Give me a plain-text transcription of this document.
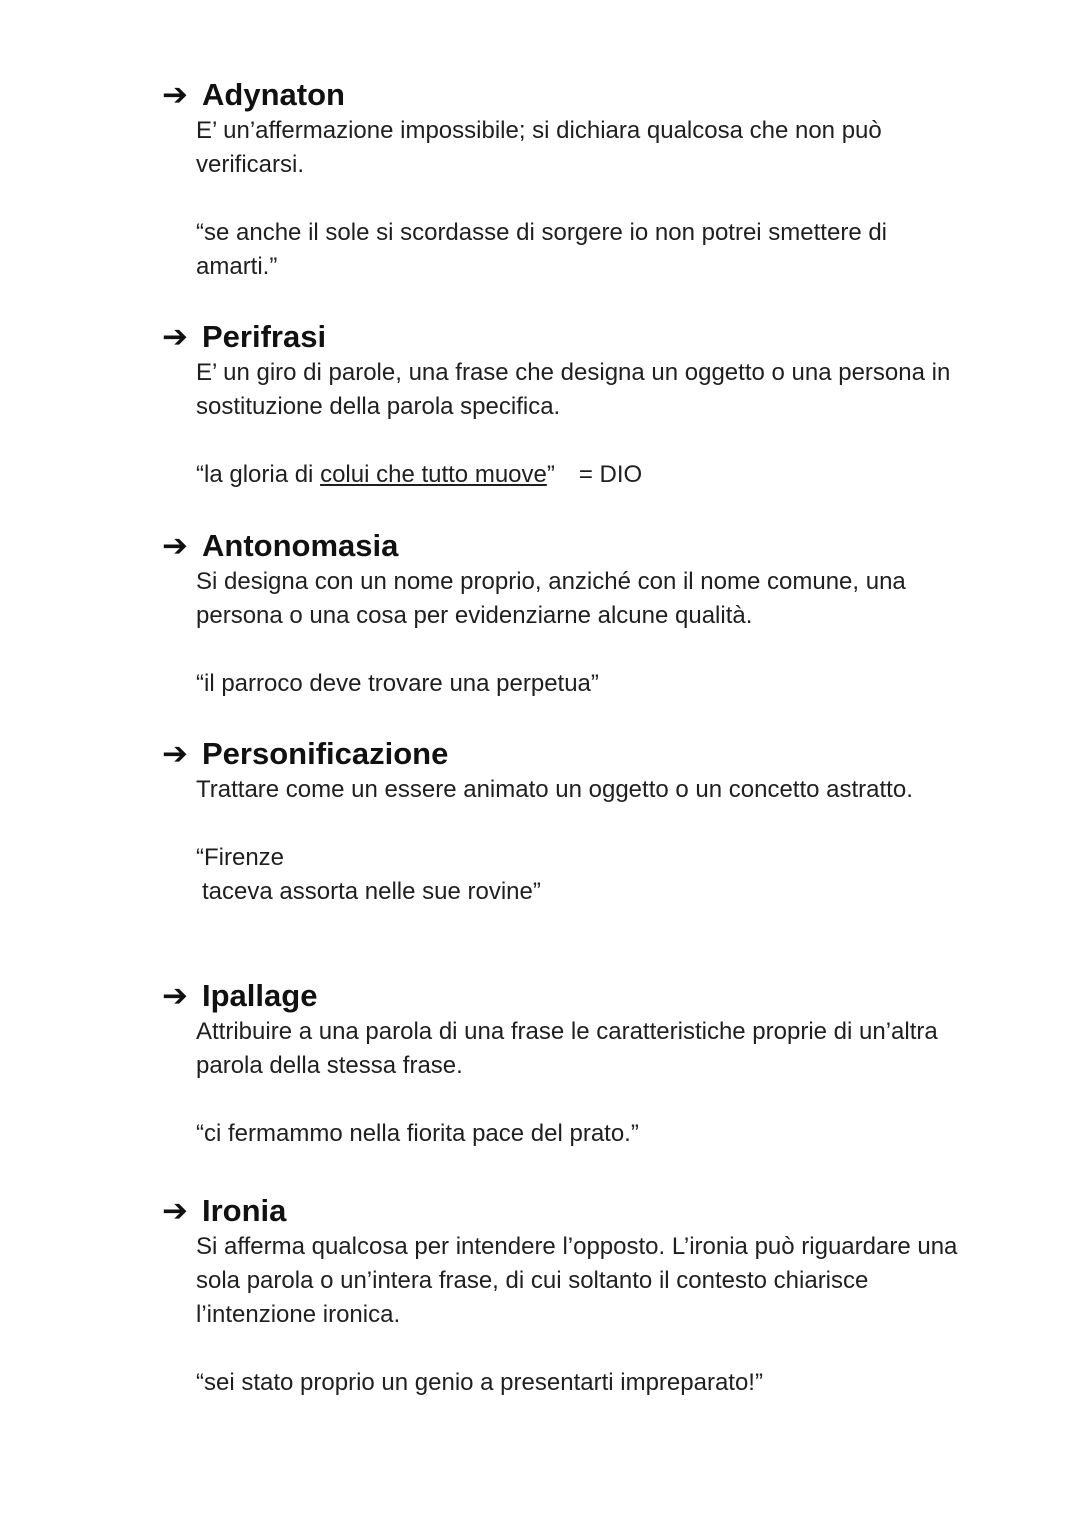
➔ Adynaton
E’ un’affermazione impossibile; si dichiara qualcosa che non può verificarsi.
“se anche il sole si scordasse di sorgere io non potrei smettere di amarti.”
➔ Perifrasi
E’ un giro di parole, una frase che designa un oggetto o una persona in sostituzione della parola specifica.
“la gloria di colui che tutto muove” = DIO
➔ Antonomasia
Si designa con un nome proprio, anziché con il nome comune, una persona o una cosa per evidenziarne alcune qualità.
“il parroco deve trovare una perpetua”
➔ Personificazione
Trattare come un essere animato un oggetto o un concetto astratto.
“Firenze
taceva assorta nelle sue rovine”
➔ Ipallage
Attribuire a una parola di una frase le caratteristiche proprie di un’altra parola della stessa frase.
“ci fermammo nella fiorita pace del prato.”
➔ Ironia
Si afferma qualcosa per intendere l’opposto. L’ironia può riguardare una sola parola o un’intera frase, di cui soltanto il contesto chiarisce l’intenzione ironica.
“sei stato proprio un genio a presentarti impreparato!”
